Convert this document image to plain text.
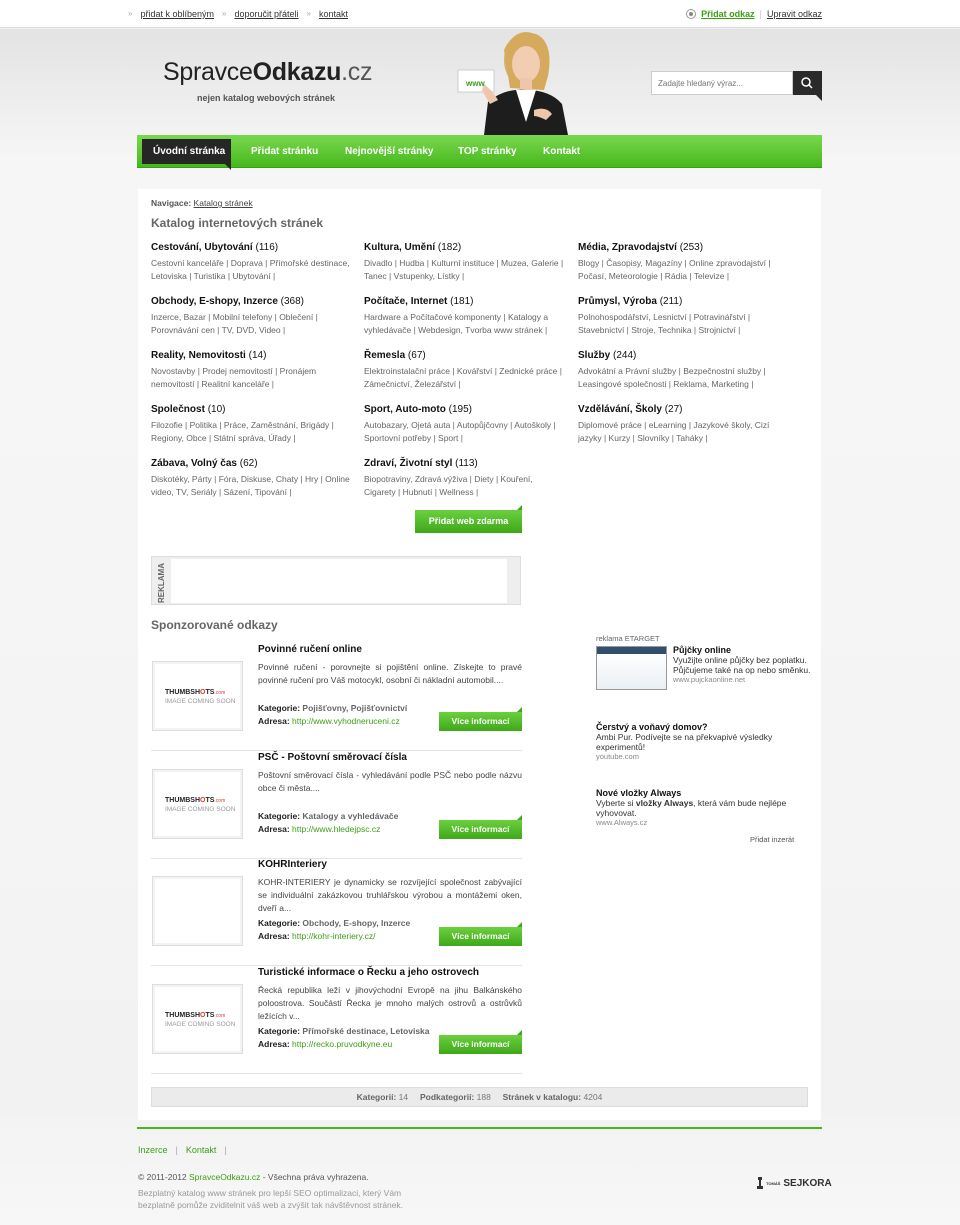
» přidat k oblíbeným » doporučit přáteli » kontakt	Přidat odkaz | Upravit odkaz
SpravceOdkazu.cz
nejen katalog webových stránek
www
Zadajte hledaný výraz...
Úvodní stránka	Přidat stránku	Nejnovější stránky TOP stránky	Kontakt
Navigace: Katalog stránek
Katalog internetových stránek
Cestování, Ubytování (116)

Cestovní kanceláře | Doprava | Přímořské destinace, Letoviska | Turistika | Ubytování |

Kultura, Umění (182)

Divadlo | Hudba | Kulturní instituce | Muzea, Galerie | Tanec | Vstupenky, Lístky |

Média, Zpravodajství (253)

Blogy | Časopisy, Magazíny | Online zpravodajství | Počasí, Meteorologie | Rádia | Televize |

Obchody, E-shopy, Inzerce (368)

Inzerce, Bazar | Mobilní telefony | Oblečení | Porovnávání cen | TV, DVD, Video |

Počítače, Internet (181)

Hardware a Počítačové komponenty | Katalogy a vyhledávače | Webdesign, Tvorba www stránek |

Průmysl, Výroba (211)

Polnohospodářství, Lesnictví | Potravinářství | Stavebnictví | Stroje, Technika | Strojnictví |

Reality, Nemovitosti (14)

Novostavby | Prodej nemovitostí | Pronájem nemovitostí | Realitní kanceláře |

Řemesla (67)

Elektroinstalační práce | Kovářství | Zednické práce | Zámečnictví, Železářství |

Služby (244)

Advokátní a Právní služby | Bezpečnostní služby | Leasingové společnosti | Reklama, Marketing |

Společnost (10)

Filozofie | Politika | Práce, Zaměstnání, Brigády | Regiony, Obce | Státní správa, Úřady |

Sport, Auto-moto (195)

Autobazary, Ojetá auta | Autopůjčovny | Autoškoly | Sportovní potřeby | Sport |

Vzdělávání, Školy (27)

Diplomové práce | eLearning | Jazykové školy, Cizí jazyky | Kurzy | Slovníky | Taháky |

Zábava, Volný čas (62)

Diskotéky, Párty | Fóra, Diskuse, Chaty | Hry | Online video, TV, Seriály | Sázení, Tipování |

Zdraví, Životní styl (113)

Biopotraviny, Zdravá výživa | Diety | Kouření, Cigarety | Hubnutí | Wellness |

Přidat web zdarma
REKLAMA
Sponzorované odkazy
THUMBSHOTS.com
IMAGE COMING SOON
Povinné ručení online
Povinné ručení - porovnejte si pojištění online. Získejte to pravé povinné ručení pro Váš motocykl, osobní či nákladní automobil....
Kategorie: Pojišťovny, Pojišťovnictví
Adresa: http://www.vyhodneruceni.cz	Více informací
THUMBSHOTS.com
IMAGE COMING SOON
PSČ - Poštovní směrovací čísla
Poštovní směrovací čísla - vyhledávání podle PSČ nebo podle názvu obce či města....
Kategorie: Katalogy a vyhledávače
Adresa: http://www.hledejpsc.cz	Více informací
KOHRInteriery
KOHR-INTERIERY je dynamicky se rozvíjející společnost zabývající se individuální zakázkovou truhlářskou výrobou a montážemi oken, dveří a...
Kategorie: Obchody, E-shopy, Inzerce
Adresa: http://kohr-interiery.cz/	Více informací
THUMBSHOTS.com
IMAGE COMING SOON
Turistické informace o Řecku a jeho ostrovech
Řecká republika leží v jihovýchodní Evropě na jihu Balkánského poloostrova. Součástí Řecka je mnoho malých ostrovů a ostrůvků ležících v...
Kategorie: Přímořské destinace, Letoviska
Adresa: http://recko.pruvodkyne.eu	Více informací
reklama ETARGET
Půjčky online
Využijte online půjčky bez poplatku. Půjčujeme také na op nebo směnku.
www.pujckaonline.net
Čerstvý a voňavý domov?
Ambi Pur. Podívejte se na překvapivé výsledky experimentů!
youtube.com
Nové vložky Always
Vyberte si vložky Always, která vám bude nejlépe vyhovovat.
www.Always.cz
Přidat inzerát
Kategorií: 14 Podkategorií: 188 Stránek v katalogu: 4204
Inzerce | Kontakt |
© 2011-2012 SpravceOdkazu.cz - Všechna práva vyhrazena.
Bezplatný katalog www stránek pro lepší SEO optimalizaci, který Vám bezplatně pomůže zviditelnit váš web a zvýšit tak návštěvnost stránek.
TOMÁŠ SEJKORA
